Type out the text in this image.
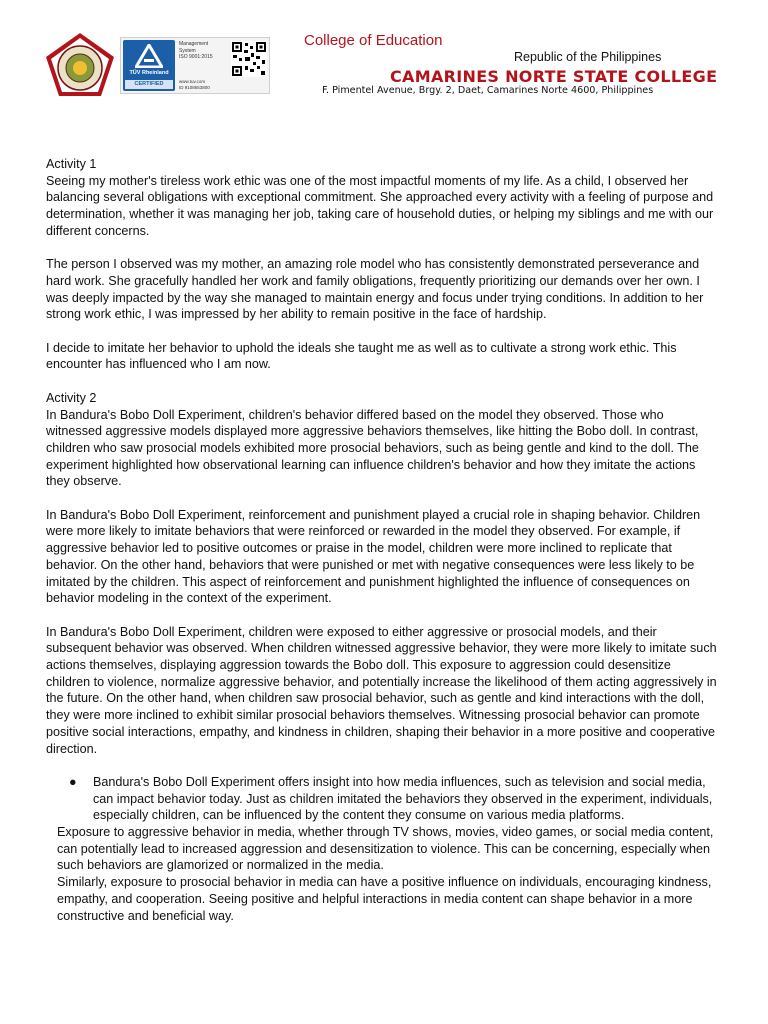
TÜV Rheinland
CERTIFIED
Management
System
ISO 9001:2015
www.tuv.com
ID 9108653800
College of Education
Republic of the Philippines
CAMARINES NORTE STATE COLLEGE
F. Pimentel Avenue, Brgy. 2, Daet, Camarines Norte 4600, Philippines

Activity 1

Seeing my mother's tireless work ethic was one of the most impactful moments of my life. As a child, I observed her balancing several obligations with exceptional commitment. She approached every activity with a feeling of purpose and determination, whether it was managing her job, taking care of household duties, or helping my siblings and me with our different concerns.

The person I observed was my mother, an amazing role model who has consistently demonstrated perseverance and hard work. She gracefully handled her work and family obligations, frequently prioritizing our demands over her own. I was deeply impacted by the way she managed to maintain energy and focus under trying conditions. In addition to her strong work ethic, I was impressed by her ability to remain positive in the face of hardship.

I decide to imitate her behavior to uphold the ideals she taught me as well as to cultivate a strong work ethic. This encounter has influenced who I am now.

Activity 2

In Bandura's Bobo Doll Experiment, children's behavior differed based on the model they observed. Those who witnessed aggressive models displayed more aggressive behaviors themselves, like hitting the Bobo doll. In contrast, children who saw prosocial models exhibited more prosocial behaviors, such as being gentle and kind to the doll. The experiment highlighted how observational learning can influence children's behavior and how they imitate the actions they observe.

In Bandura's Bobo Doll Experiment, reinforcement and punishment played a crucial role in shaping behavior. Children were more likely to imitate behaviors that were reinforced or rewarded in the model they observed. For example, if aggressive behavior led to positive outcomes or praise in the model, children were more inclined to replicate that behavior. On the other hand, behaviors that were punished or met with negative consequences were less likely to be imitated by the children. This aspect of reinforcement and punishment highlighted the influence of consequences on behavior modeling in the context of the experiment.

In Bandura's Bobo Doll Experiment, children were exposed to either aggressive or prosocial models, and their subsequent behavior was observed. When children witnessed aggressive behavior, they were more likely to imitate such actions themselves, displaying aggression towards the Bobo doll. This exposure to aggression could desensitize children to violence, normalize aggressive behavior, and potentially increase the likelihood of them acting aggressively in the future. On the other hand, when children saw prosocial behavior, such as gentle and kind interactions with the doll, they were more inclined to exhibit similar prosocial behaviors themselves. Witnessing prosocial behavior can promote positive social interactions, empathy, and kindness in children, shaping their behavior in a more positive and cooperative direction.

● Bandura's Bobo Doll Experiment offers insight into how media influences, such as television and social media, can impact behavior today. Just as children imitated the behaviors they observed in the experiment, individuals, especially children, can be influenced by the content they consume on various media platforms.

Exposure to aggressive behavior in media, whether through TV shows, movies, video games, or social media content, can potentially lead to increased aggression and desensitization to violence. This can be concerning, especially when such behaviors are glamorized or normalized in the media.

Similarly, exposure to prosocial behavior in media can have a positive influence on individuals, encouraging kindness, empathy, and cooperation. Seeing positive and helpful interactions in media content can shape behavior in a more constructive and beneficial way.
